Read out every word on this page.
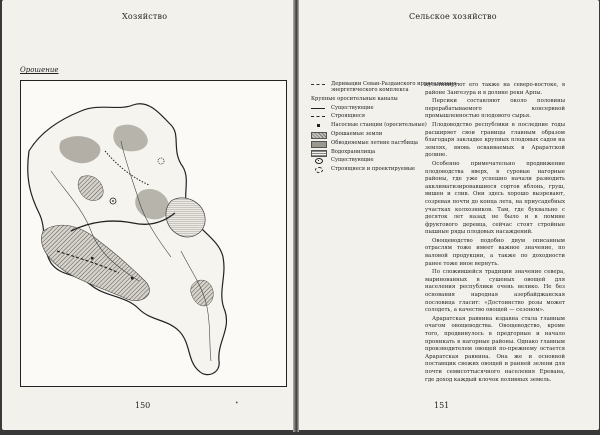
Хозяйство
Орошение
150	•
Сельское хозяйство
Деривации Севан-Разданского ирригационно-энергетического комплекса
Крупные оросительные каналы
Существующие
Строящиеся
Насосные станции (оросительные)
Орошаемые земли
Обводняемые летние пастбища
Водохранилища
Существующие
Строящиеся и проектируемые

культивируют его также на северо-востоке, в районе Зангезура и в долине реки Арпы.

Персики составляют около половины перерабатываемого консервной промышленностью плодового сырья.

Плодоводство республики в последние годы расширяет свои границы главным образом благодаря закладке крупных плодовых садов на землях, вновь осваиваемых в Араратской долине.

Особенно примечательно продвижение плодоводства вверх, в суровые нагорные районы, где уже успешно начали разводить акклиматизировавшиеся сортов яблонь, груш, вишен и слив. Они здесь хорошо вызревают, созревая почти до конца лета, на приусадебных участках колхозников. Там, где буквально с десяток лет назад не было и в помине фруктового деревца, сейчас стоят стройные пышные ряды плодовых насаждений.

Овощеводство подобно двум описанным отраслям тоже имеет важное значение, по валовой продукции, а также по доходности ранее тоже иное вернуть.

По сложившейся традиции значение севера, маринованных в сушеных овощей для населения республики очень велико. Не без основания народная азербайджанская пословица гласит: «Достоинство розы может солодеть, а качество овощей — сезоном».

Араратская равнина издавна стала главным очагом овощеводства. Овощеводство, кроме того, продвинулось в предгорные и начало проникать в нагорные районы. Однако главным производителем овощей по-прежнему остается Араратская равнина. Она же и основной поставщик свежих овощей и ранней зелени для почти семисоттысячного населения Еревана, где доход каждый клочок поливных земель.

151
